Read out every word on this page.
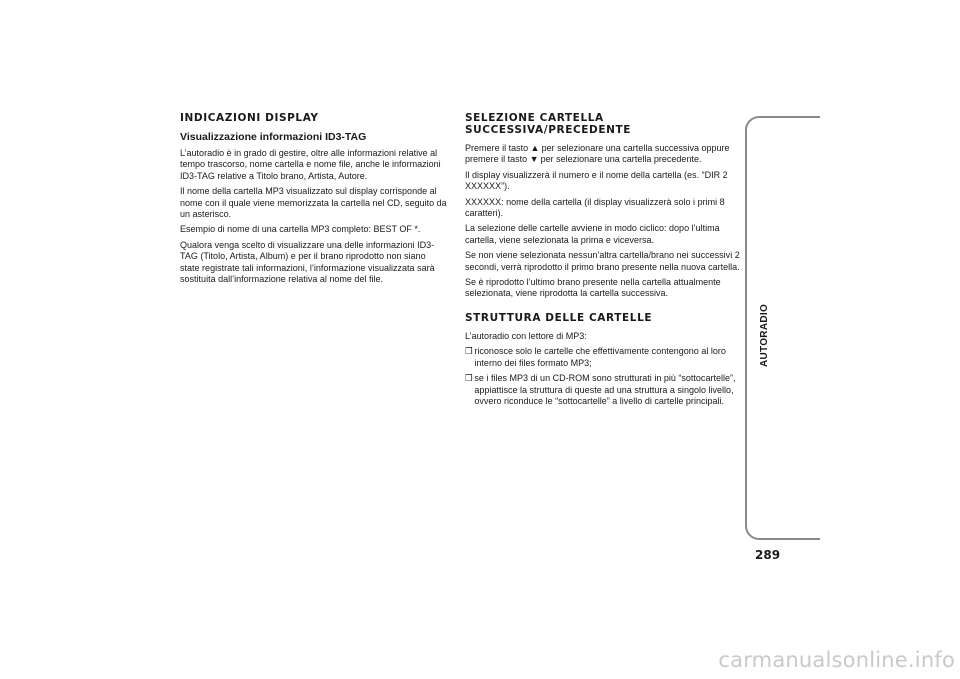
INDICAZIONI DISPLAY
Visualizzazione informazioni ID3-TAG

L’autoradio è in grado di gestire, oltre alle informazioni relative al tempo trascorso, nome cartella e nome file, anche le informazioni ID3-TAG relative a Titolo brano, Artista, Autore.

Il nome della cartella MP3 visualizzato sul display corrisponde al nome con il quale viene memorizzata la cartella nel CD, seguito da un asterisco.

Esempio di nome di una cartella MP3 completo: BEST OF *.

Qualora venga scelto di visualizzare una delle informazioni ID3-TAG (Titolo, Artista, Album) e per il brano riprodotto non siano state registrate tali informazioni, l’informazione visualizzata sarà sostituita dall’informazione relativa al nome del file.

SELEZIONE CARTELLA
SUCCESSIVA/PRECEDENTE

Premere il tasto ▲ per selezionare una cartella successiva oppure premere il tasto ▼ per selezionare una cartella precedente.

Il display visualizzerà il numero e il nome della cartella (es. “DIR 2 XXXXXX”).

XXXXXX: nome della cartella (il display visualizzerà solo i primi 8 caratteri).

La selezione delle cartelle avviene in modo ciclico: dopo l’ultima cartella, viene selezionata la prima e viceversa.

Se non viene selezionata nessun’altra cartella/brano nei successivi 2 secondi, verrà riprodotto il primo brano presente nella nuova cartella.

Se è riprodotto l’ultimo brano presente nella cartella attualmente selezionata, viene riprodotta la cartella successiva.

STRUTTURA DELLE CARTELLE

L’autoradio con lettore di MP3:

❒ riconosce solo le cartelle che effettivamente contengono al loro interno dei files formato MP3;

❒ se i files MP3 di un CD-ROM sono strutturati in più “sottocartelle”, appiattisce la struttura di queste ad una struttura a singolo livello, ovvero riconduce le “sottocartelle” a livello di cartelle principali.

AUTORADIO
289
carmanualsonline.info
